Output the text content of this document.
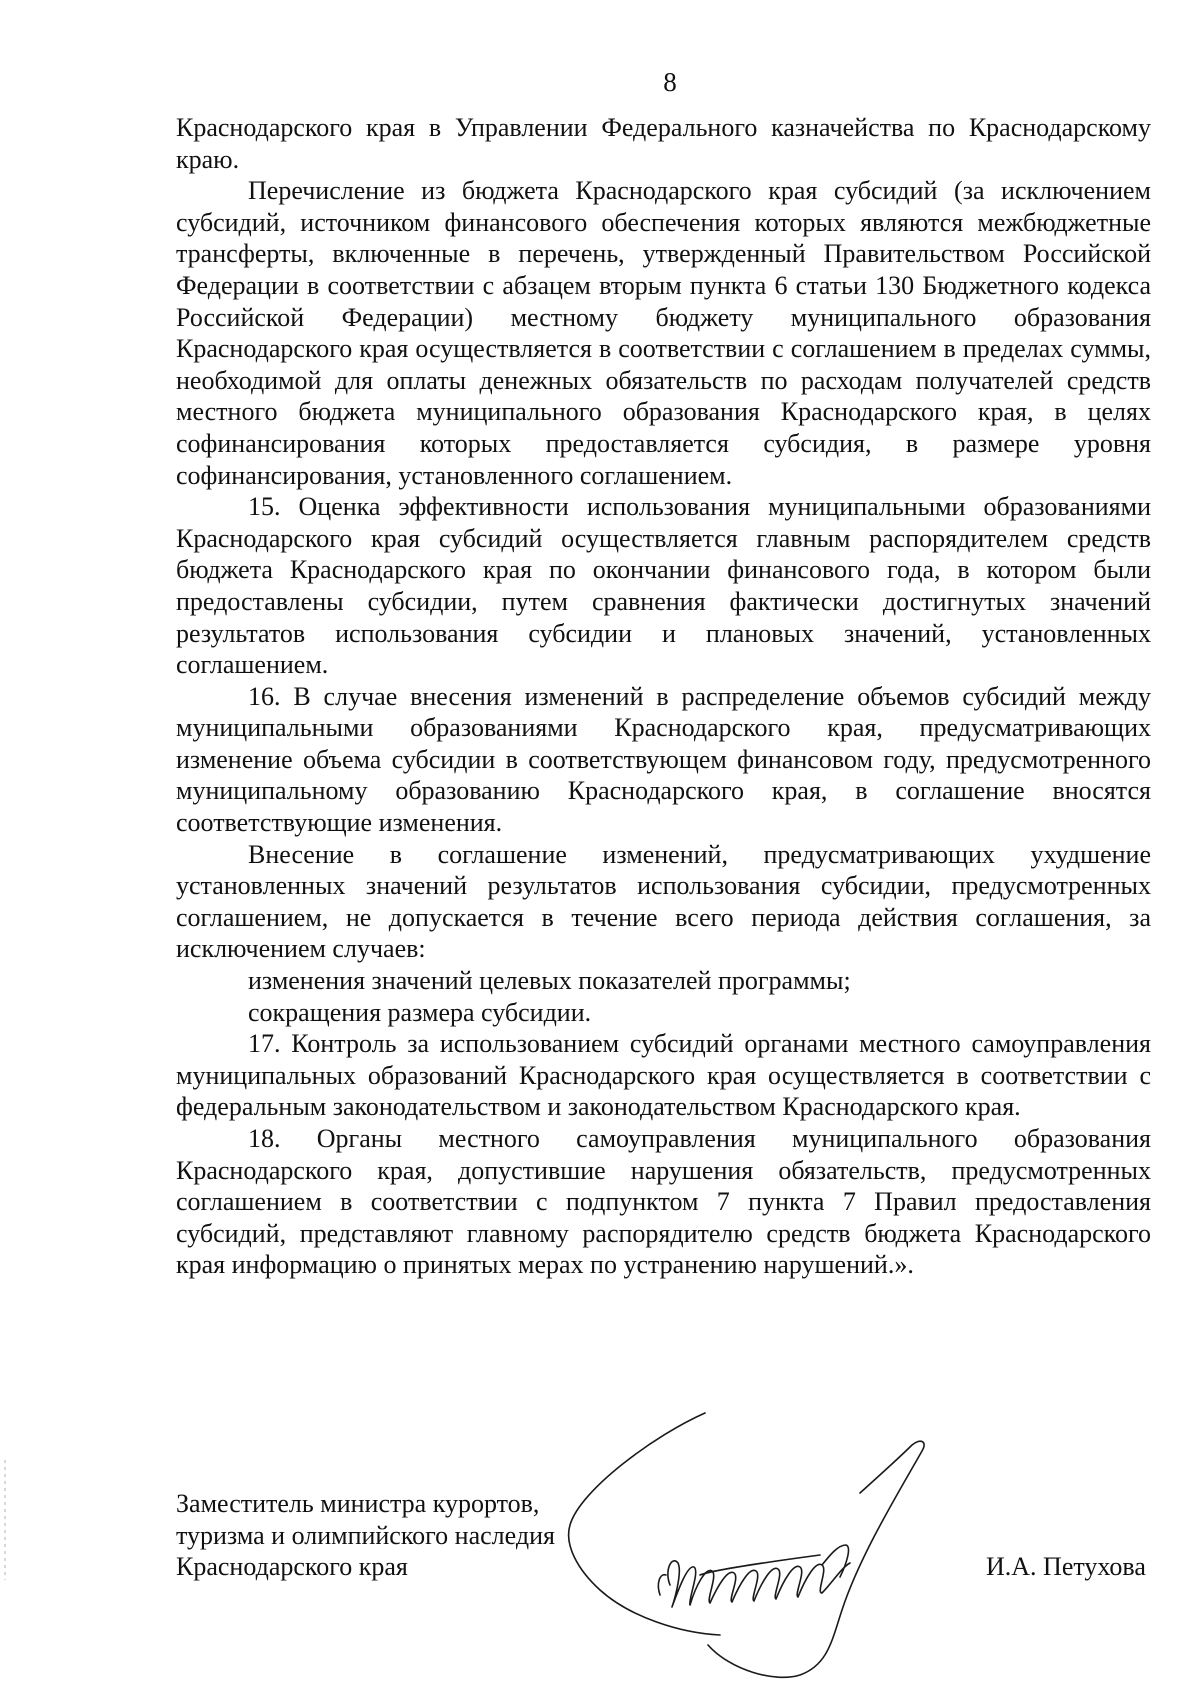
8

Краснодарского края в Управлении Федерального казначейства по Краснодарскому краю.

Перечисление из бюджета Краснодарского края субсидий (за исключением субсидий, источником финансового обеспечения которых являются межбюджетные трансферты, включенные в перечень, утвержденный Правительством Российской Федерации в соответствии с абзацем вторым пункта 6 статьи 130 Бюджетного кодекса Российской Федерации) местному бюджету муниципального образования Краснодарского края осуществляется в соответствии с соглашением в пределах суммы, необходимой для оплаты денежных обязательств по расходам получателей средств местного бюджета муниципального образования Краснодарского края, в целях софинансирования которых предоставляется субсидия, в размере уровня софинансирования, установленного соглашением.

15. Оценка эффективности использования муниципальными образованиями Краснодарского края субсидий осуществляется главным распорядителем средств бюджета Краснодарского края по окончании финансового года, в котором были предоставлены субсидии, путем сравнения фактически достигнутых значений результатов использования субсидии и плановых значений, установленных соглашением.

16. В случае внесения изменений в распределение объемов субсидий между муниципальными образованиями Краснодарского края, предусматривающих изменение объема субсидии в соответствующем финансовом году, предусмотренного муниципальному образованию Краснодарского края, в соглашение вносятся соответствующие изменения.

Внесение в соглашение изменений, предусматривающих ухудшение установленных значений результатов использования субсидии, предусмотренных соглашением, не допускается в течение всего периода действия соглашения, за исключением случаев:

изменения значений целевых показателей программы;

сокращения размера субсидии.

17. Контроль за использованием субсидий органами местного самоуправления муниципальных образований Краснодарского края осуществляется в соответствии с федеральным законодательством и законодательством Краснодарского края.

18. Органы местного самоуправления муниципального образования Краснодарского края, допустившие нарушения обязательств, предусмотренных соглашением в соответствии с подпунктом 7 пункта 7 Правил предоставления субсидий, представляют главному распорядителю средств бюджета Краснодарского края информацию о принятых мерах по устранению нарушений.».

Заместитель министра курортов,
туризма и олимпийского наследия
Краснодарского края	И.А. Петухова
